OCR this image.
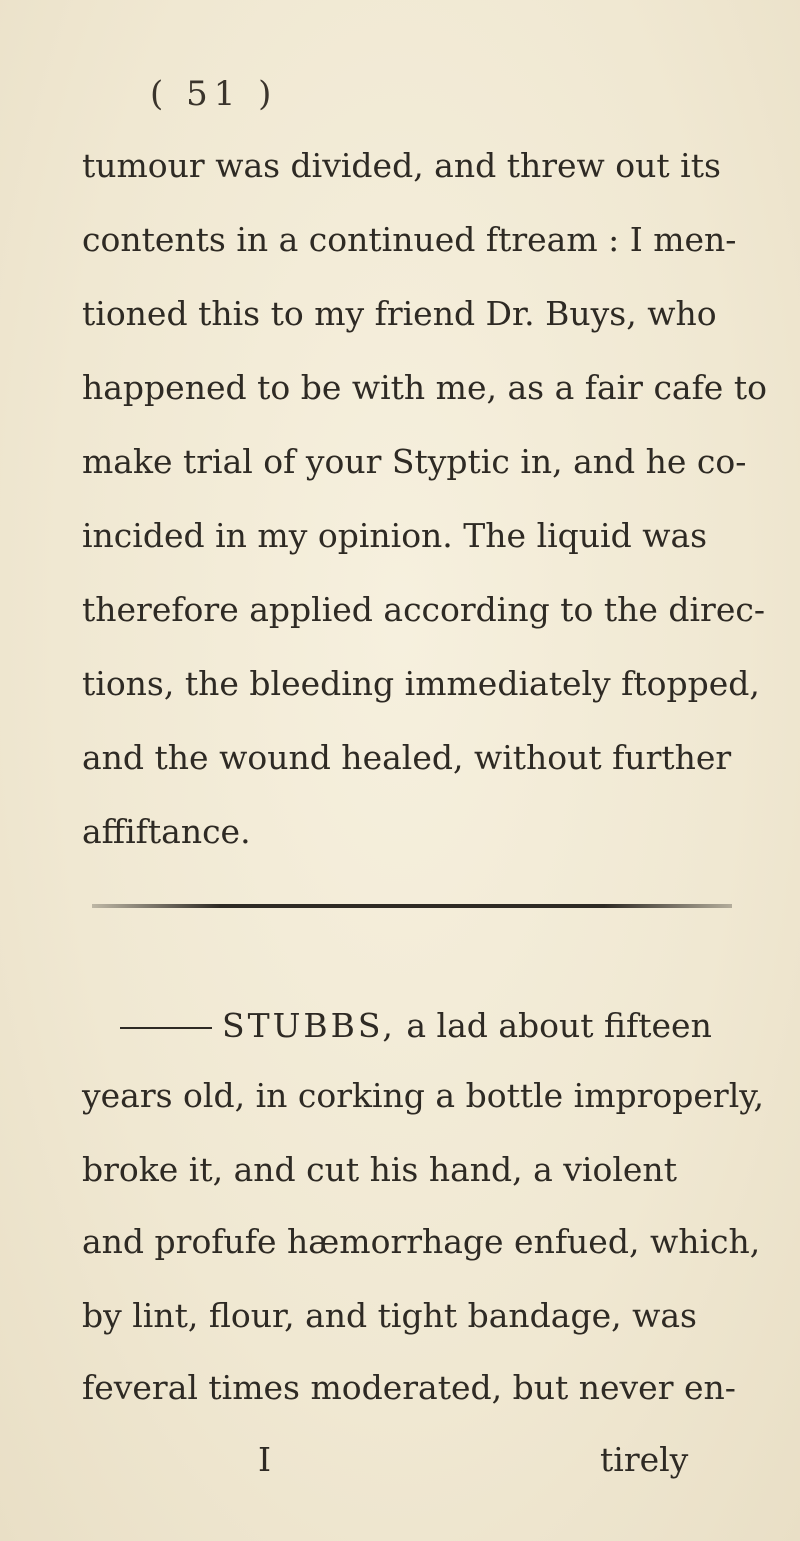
( 51 )
tumour was divided, and threw out its
contents in a continued ftream : I men-
tioned this to my friend Dr. Buys, who
happened to be with me, as a fair cafe to
make trial of your Styptic in, and he co-
incided in my opinion. The liquid was
therefore applied according to the direc-
tions, the bleeding immediately ftopped,
and the wound healed, without further
affiftance.
STUBBS, a lad about fifteen
I	tirely
years old, in corking a bottle improperly,
broke it, and cut his hand, a violent
and profufe hæmorrhage enfued, which,
by lint, flour, and tight bandage, was
feveral times moderated, but never en-
